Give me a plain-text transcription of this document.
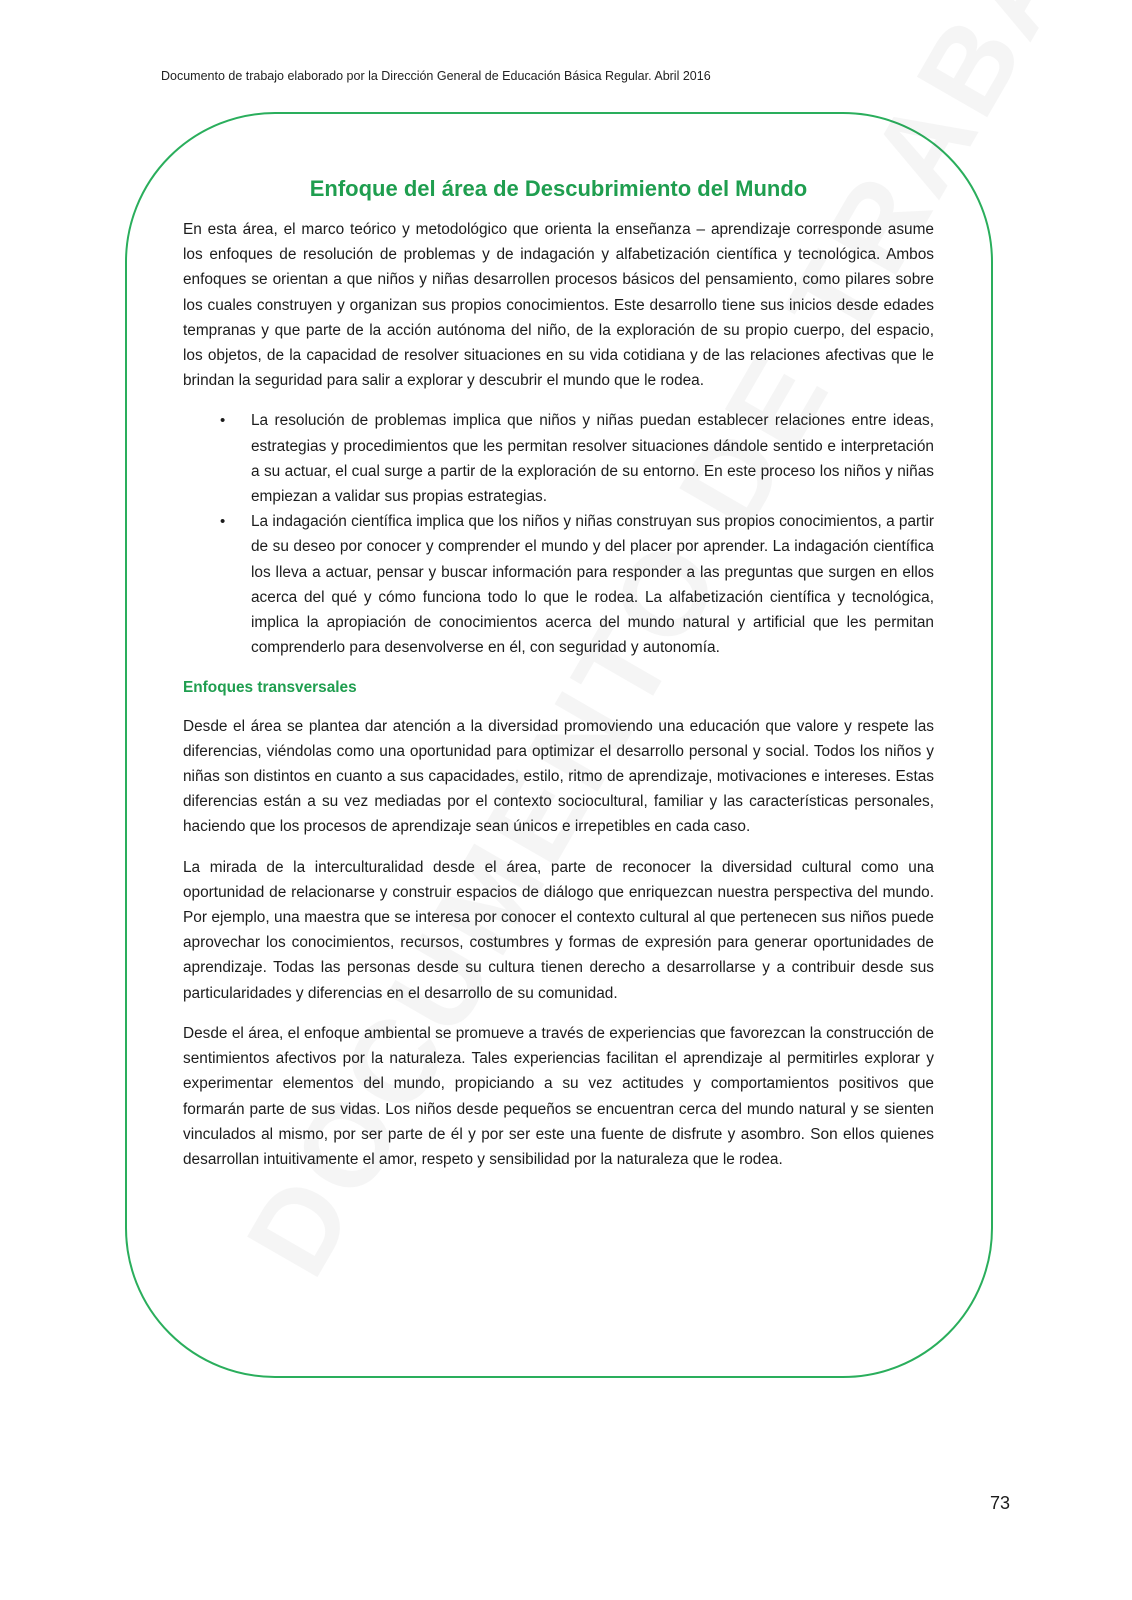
Documento de trabajo elaborado por la Dirección General de Educación Básica Regular. Abril 2016
Enfoque del área de Descubrimiento del Mundo

En esta área, el marco teórico y metodológico que orienta la enseñanza – aprendizaje corresponde asume los enfoques de resolución de problemas y de indagación y alfabetización científica y tecnológica. Ambos enfoques se orientan a que niños y niñas desarrollen procesos básicos del pensamiento, como pilares sobre los cuales construyen y organizan sus propios conocimientos. Este desarrollo tiene sus inicios desde edades tempranas y que parte de la acción autónoma del niño, de la exploración de su propio cuerpo, del espacio, los objetos, de la capacidad de resolver situaciones en su vida cotidiana y de las relaciones afectivas que le brindan la seguridad para salir a explorar y descubrir el mundo que le rodea.

• La resolución de problemas implica que niños y niñas puedan establecer relaciones entre ideas, estrategias y procedimientos que les permitan resolver situaciones dándole sentido e interpretación a su actuar, el cual surge a partir de la exploración de su entorno. En este proceso los niños y niñas empiezan a validar sus propias estrategias.
• La indagación científica implica que los niños y niñas construyan sus propios conocimientos, a partir de su deseo por conocer y comprender el mundo y del placer por aprender. La indagación científica los lleva a actuar, pensar y buscar información para responder a las preguntas que surgen en ellos acerca del qué y cómo funciona todo lo que le rodea. La alfabetización científica y tecnológica, implica la apropiación de conocimientos acerca del mundo natural y artificial que les permitan comprenderlo para desenvolverse en él, con seguridad y autonomía.
Enfoques transversales

Desde el área se plantea dar atención a la diversidad promoviendo una educación que valore y respete las diferencias, viéndolas como una oportunidad para optimizar el desarrollo personal y social. Todos los niños y niñas son distintos en cuanto a sus capacidades, estilo, ritmo de aprendizaje, motivaciones e intereses. Estas diferencias están a su vez mediadas por el contexto sociocultural, familiar y las características personales, haciendo que los procesos de aprendizaje sean únicos e irrepetibles en cada caso.

La mirada de la interculturalidad desde el área, parte de reconocer la diversidad cultural como una oportunidad de relacionarse y construir espacios de diálogo que enriquezcan nuestra perspectiva del mundo. Por ejemplo, una maestra que se interesa por conocer el contexto cultural al que pertenecen sus niños puede aprovechar los conocimientos, recursos, costumbres y formas de expresión para generar oportunidades de aprendizaje. Todas las personas desde su cultura tienen derecho a desarrollarse y a contribuir desde sus particularidades y diferencias en el desarrollo de su comunidad.

Desde el área, el enfoque ambiental se promueve a través de experiencias que favorezcan la construcción de sentimientos afectivos por la naturaleza. Tales experiencias facilitan el aprendizaje al permitirles explorar y experimentar elementos del mundo, propiciando a su vez actitudes y comportamientos positivos que formarán parte de sus vidas. Los niños desde pequeños se encuentran cerca del mundo natural y se sienten vinculados al mismo, por ser parte de él y por ser este una fuente de disfrute y asombro. Son ellos quienes desarrollan intuitivamente el amor, respeto y sensibilidad por la naturaleza que le rodea.

73
